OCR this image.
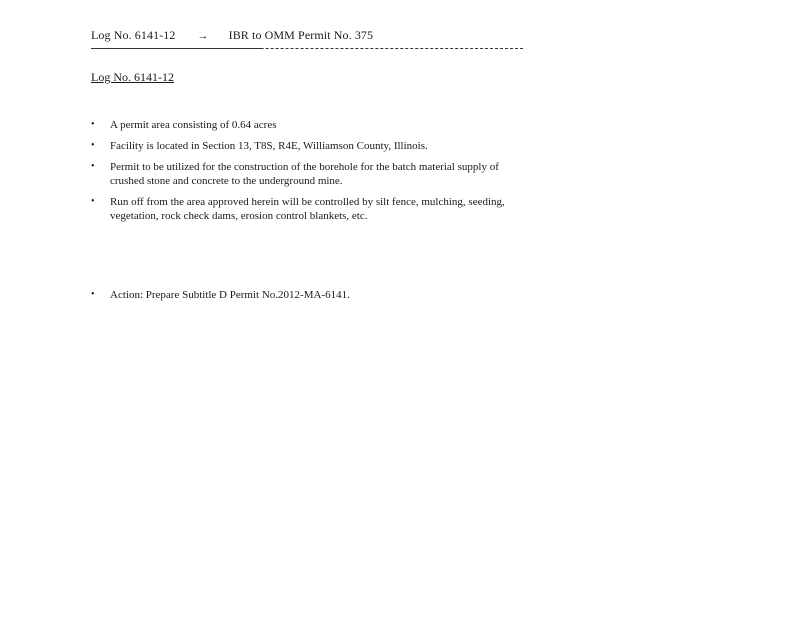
Log No. 6141-12 → IBR to OMM Permit No. 375
Log No. 6141-12
• A permit area consisting of 0.64 acres
• Facility is located in Section 13, T8S, R4E, Williamson County, Illinois.
• Permit to be utilized for the construction of the borehole for the batch material supply of crushed stone and concrete to the underground mine.
• Run off from the area approved herein will be controlled by silt fence, mulching, seeding, vegetation, rock check dams, erosion control blankets, etc.
• Action: Prepare Subtitle D Permit No.2012-MA-6141.
